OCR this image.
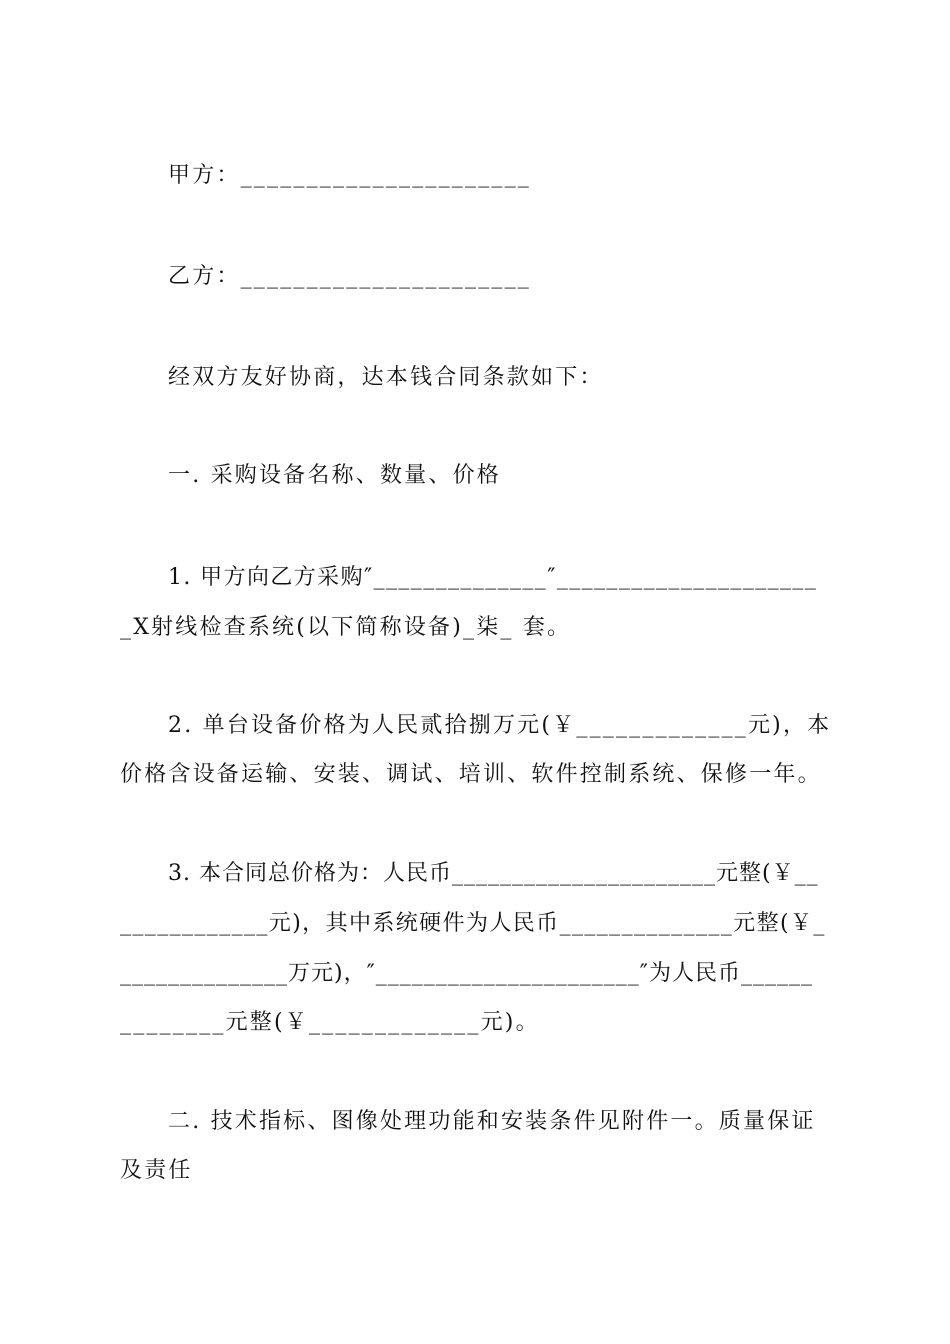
甲方：______________________
乙方：______________________
经双方友好协商，达本钱合同条款如下：
一. 采购设备名称、数量、价格
1. 甲方向乙方采购″______________″_____________________
_X射线检查系统(以下简称设备)_柒_ 套。
2. 单台设备价格为人民贰拾捌万元(￥_____________元)，本
价格含设备运输、安装、调试、培训、软件控制系统、保修一年。
3. 本合同总价格为：人民币______________________元整(￥__
____________元)，其中系统硬件为人民币______________元整(￥_
______________万元)，″______________________″为人民币______
________元整(￥_____________元)。
二. 技术指标、图像处理功能和安装条件见附件一。质量保证
及责任
